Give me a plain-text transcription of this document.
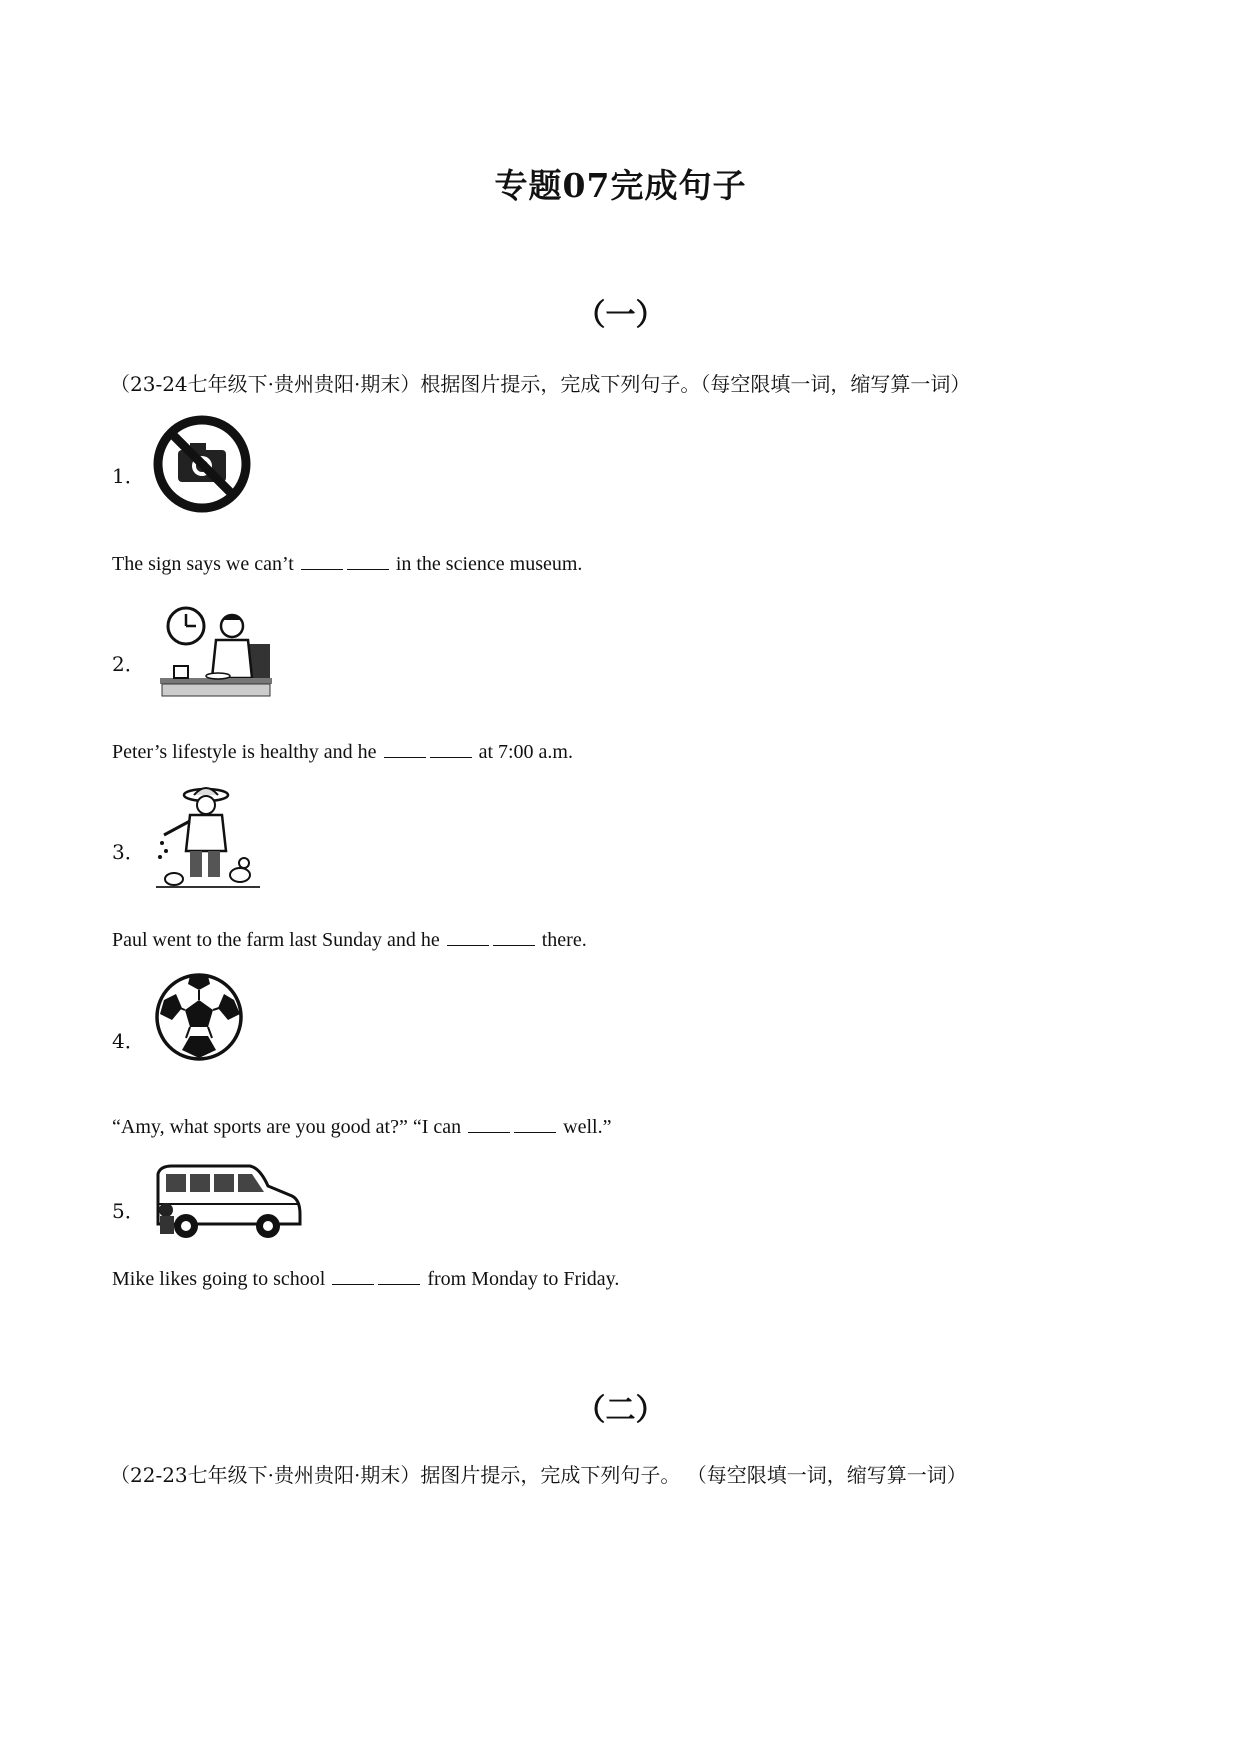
专题07完成句子
（一）
（23-24七年级下·贵州贵阳·期末）根据图片提示，完成下列句子。（每空限填一词，缩写算一词）
1．
The sign says we can’t	in the science museum.
2．
Peter’s lifestyle is healthy and he	at 7:00 a.m.
3．
Paul went to the farm last Sunday and he	there.
4．
“Amy, what sports are you good at?” “I can	well.”
5．
Mike likes going to school	from Monday to Friday.
（二）
（22-23七年级下·贵州贵阳·期末）据图片提示，完成下列句子。 （每空限填一词，缩写算一词）
